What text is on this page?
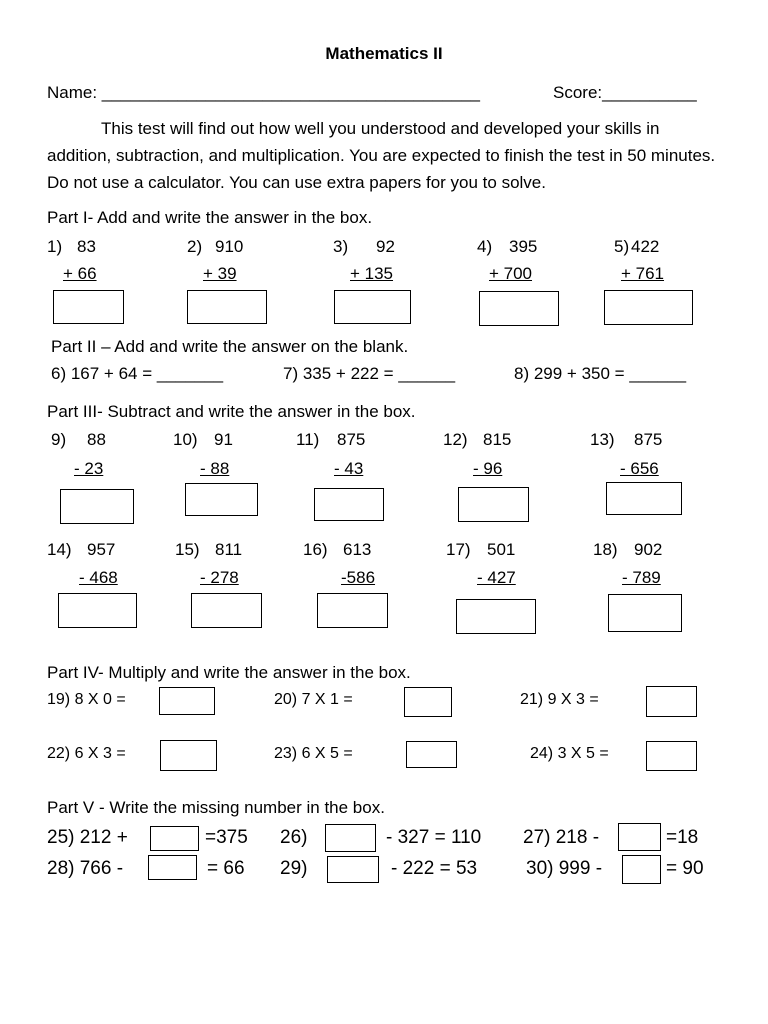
Mathematics II
Name: ________________________________________	Score:__________
This test will find out how well you understood and developed your skills in addition, subtraction, and multiplication. You are expected to finish the test in 50 minutes. Do not use a calculator. You can use extra papers for you to solve.
Part I- Add and write the answer in the box.
1) 83
+ 66
2) 910
+ 39
3) 92
+ 135
4) 395
+ 700
5) 422
+ 761
Part II – Add and write the answer on the blank.
6) 167 + 64 = _______	7) 335 + 222 = ______	8) 299 + 350 = ______
Part III- Subtract and write the answer in the box.
9) 88
- 23
10) 91
- 88
11) 875
- 43
12) 815
- 96
13) 875
- 656
14) 957
- 468
15) 811
- 278
16) 613
-586
17) 501
- 427
18) 902
- 789
Part IV- Multiply and write the answer in the box.
19) 8 X 0 =	20) 7 X 1 =	21) 9 X 3 =
22) 6 X 3 =	23) 6 X 5 =	24) 3 X 5 =
Part V - Write the missing number in the box.
25) 212 +	=375 26)	- 327 = 110 27) 218 -	=18
28) 766 -	= 66 29)	- 222 = 53	30) 999 -	= 90
